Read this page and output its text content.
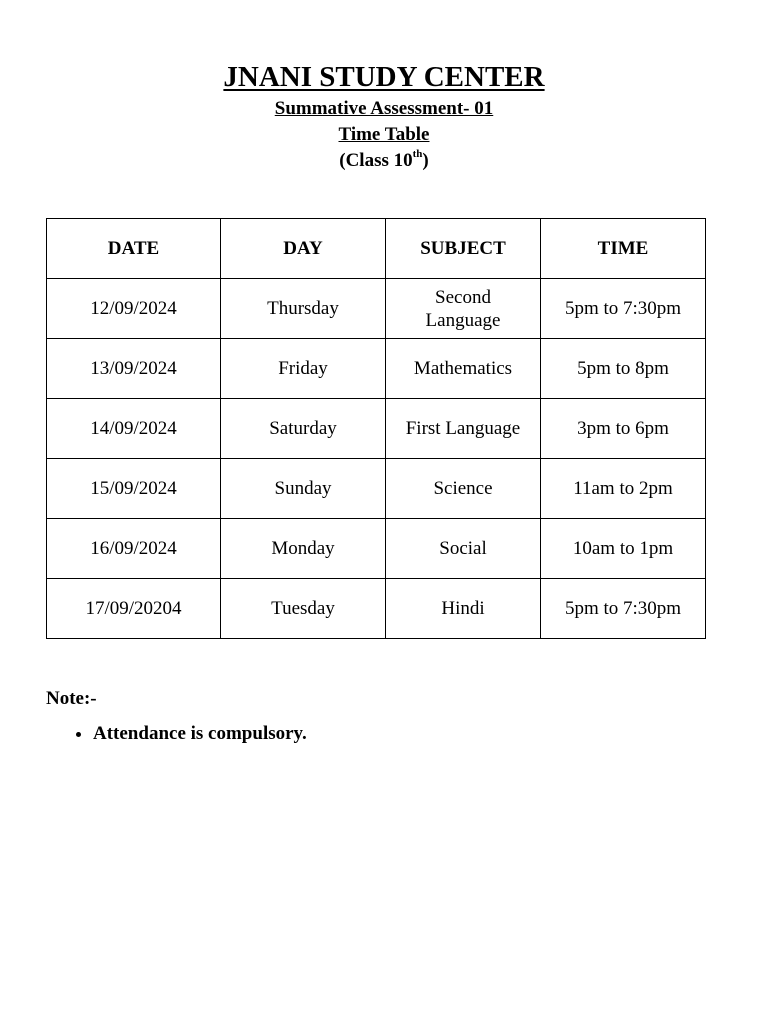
JNANI STUDY CENTER

Summative Assessment- 01

Time Table

(Class 10th)

DATE	DAY	SUBJECT	TIME
12/09/2024	Thursday	Second Language	5pm to 7:30pm
13/09/2024	Friday	Mathematics	5pm to 8pm
14/09/2024	Saturday	First Language	3pm to 6pm
15/09/2024	Sunday	Science	11am to 2pm
16/09/2024	Monday	Social	10am to 1pm
17/09/20204	Tuesday	Hindi	5pm to 7:30pm

Note:-

• Attendance is compulsory.
